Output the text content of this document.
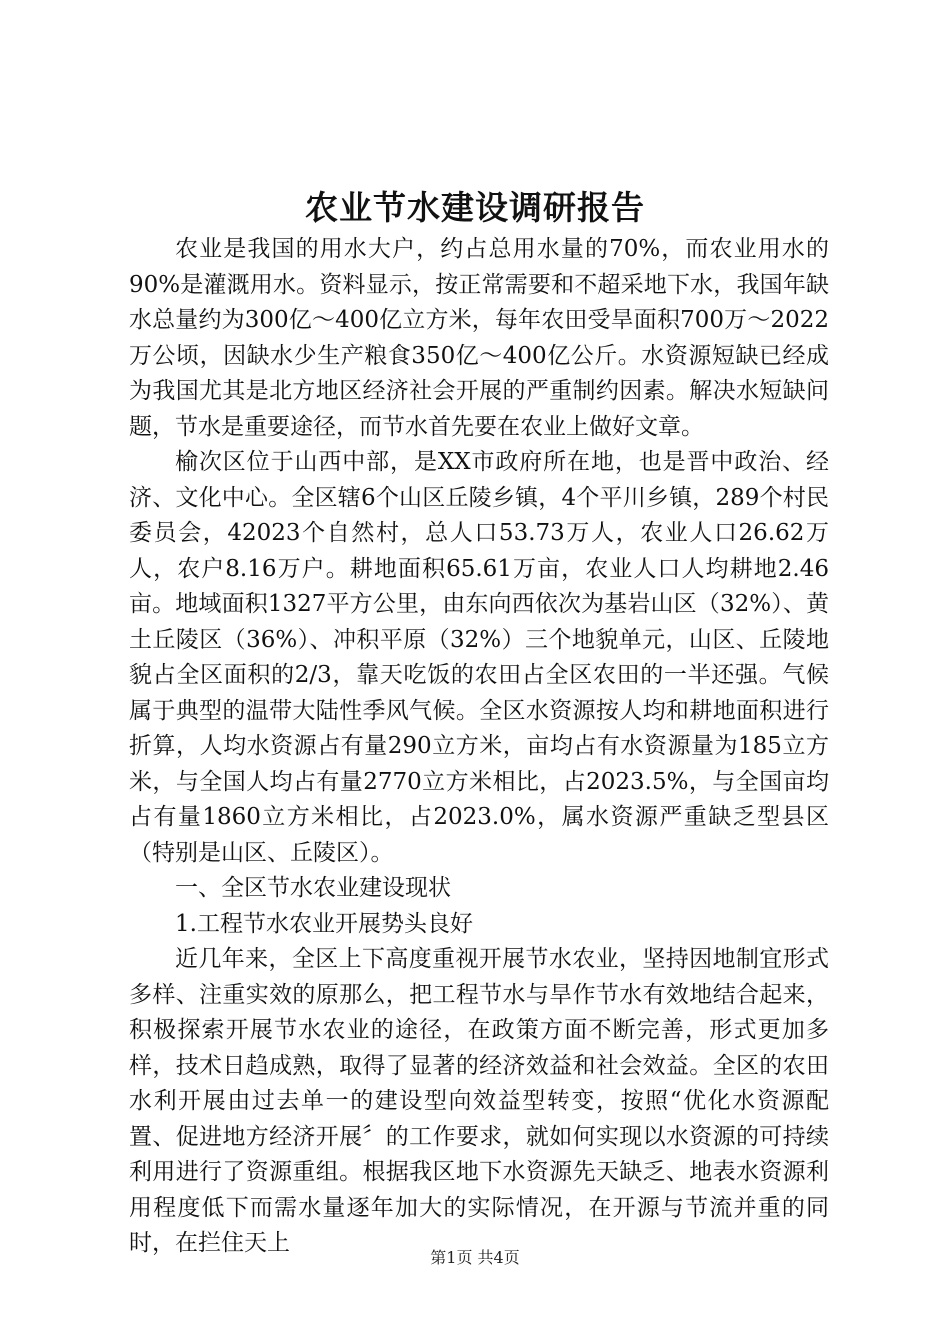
农业节水建设调研报告

农业是我国的用水大户，约占总用水量的70%，而农业用水的90%是灌溉用水。资料显示，按正常需要和不超采地下水，我国年缺水总量约为300亿～400亿立方米，每年农田受旱面积700万～2022万公顷，因缺水少生产粮食350亿～400亿公斤。水资源短缺已经成为我国尤其是北方地区经济社会开展的严重制约因素。解决水短缺问题，节水是重要途径，而节水首先要在农业上做好文章。

榆次区位于山西中部，是XX市政府所在地，也是晋中政治、经济、文化中心。全区辖6个山区丘陵乡镇，4个平川乡镇，289个村民委员会，42023个自然村，总人口53.73万人，农业人口26.62万人，农户8.16万户。耕地面积65.61万亩，农业人口人均耕地2.46亩。地域面积1327平方公里，由东向西依次为基岩山区（32%）、黄土丘陵区（36%）、冲积平原（32%）三个地貌单元，山区、丘陵地貌占全区面积的2/3，靠天吃饭的农田占全区农田的一半还强。气候属于典型的温带大陆性季风气候。全区水资源按人均和耕地面积进行折算，人均水资源占有量290立方米，亩均占有水资源量为185立方米，与全国人均占有量2770立方米相比，占2023.5%，与全国亩均占有量1860立方米相比，占2023.0%，属水资源严重缺乏型县区（特别是山区、丘陵区）。

一、全区节水农业建设现状

1.工程节水农业开展势头良好

近几年来，全区上下高度重视开展节水农业，坚持因地制宜形式多样、注重实效的原那么，把工程节水与旱作节水有效地结合起来，积极探索开展节水农业的途径，在政策方面不断完善，形式更加多样，技术日趋成熟，取得了显著的经济效益和社会效益。全区的农田水利开展由过去单一的建设型向效益型转变，按照“优化水资源配置、促进地方经济开展〞的工作要求，就如何实现以水资源的可持续利用进行了资源重组。根据我区地下水资源先天缺乏、地表水资源利用程度低下而需水量逐年加大的实际情况，在开源与节流并重的同时，在拦住天上

第1页 共4页
